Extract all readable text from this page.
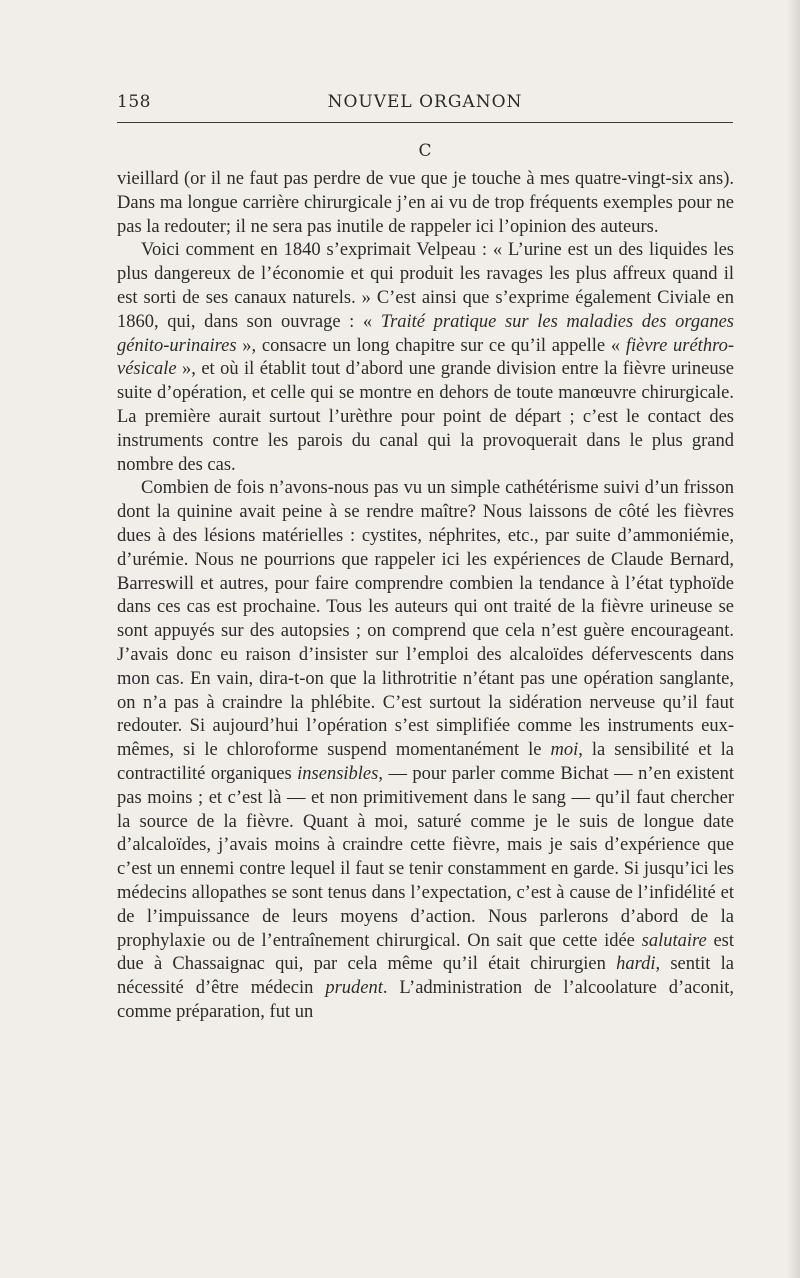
158	NOUVEL ORGANON
C

vieillard (or il ne faut pas perdre de vue que je touche à mes quatre-vingt-six ans). Dans ma longue carrière chirurgicale j’en ai vu de trop fréquents exemples pour ne pas la redouter; il ne sera pas inutile de rappeler ici l’opinion des auteurs.

Voici comment en 1840 s’exprimait Velpeau : « L’urine est un des liquides les plus dangereux de l’économie et qui produit les ravages les plus affreux quand il est sorti de ses canaux naturels. » C’est ainsi que s’exprime également Civiale en 1860, qui, dans son ouvrage : « Traité pratique sur les maladies des organes génito-urinaires », consacre un long chapitre sur ce qu’il appelle « fièvre uréthro-vésicale », et où il établit tout d’abord une grande division entre la fièvre urineuse suite d’opération, et celle qui se montre en dehors de toute manœuvre chirurgicale. La première aurait surtout l’urèthre pour point de départ ; c’est le contact des instruments contre les parois du canal qui la provoquerait dans le plus grand nombre des cas.

Combien de fois n’avons-nous pas vu un simple cathétérisme suivi d’un frisson dont la quinine avait peine à se rendre maître? Nous laissons de côté les fièvres dues à des lésions matérielles : cystites, néphrites, etc., par suite d’ammoniémie, d’urémie. Nous ne pourrions que rappeler ici les expériences de Claude Bernard, Barreswill et autres, pour faire comprendre combien la tendance à l’état typhoïde dans ces cas est prochaine. Tous les auteurs qui ont traité de la fièvre urineuse se sont appuyés sur des autopsies ; on comprend que cela n’est guère encourageant. J’avais donc eu raison d’insister sur l’emploi des alcaloïdes défervescents dans mon cas. En vain, dira-t-on que la lithrotritie n’étant pas une opération sanglante, on n’a pas à craindre la phlébite. C’est surtout la sidération nerveuse qu’il faut redouter. Si aujourd’hui l’opération s’est simplifiée comme les instruments eux-mêmes, si le chloroforme suspend momentanément le moi, la sensibilité et la contractilité organiques insensibles, — pour parler comme Bichat — n’en existent pas moins ; et c’est là — et non primitivement dans le sang — qu’il faut chercher la source de la fièvre. Quant à moi, saturé comme je le suis de longue date d’alcaloïdes, j’avais moins à craindre cette fièvre, mais je sais d’expérience que c’est un ennemi contre lequel il faut se tenir constamment en garde. Si jusqu’ici les médecins allopathes se sont tenus dans l’expectation, c’est à cause de l’infidélité et de l’impuissance de leurs moyens d’action. Nous parlerons d’abord de la prophylaxie ou de l’entraînement chirurgical. On sait que cette idée salutaire est due à Chassaignac qui, par cela même qu’il était chirurgien hardi, sentit la nécessité d’être médecin prudent. L’administration de l’alcoolature d’aconit, comme préparation, fut un
